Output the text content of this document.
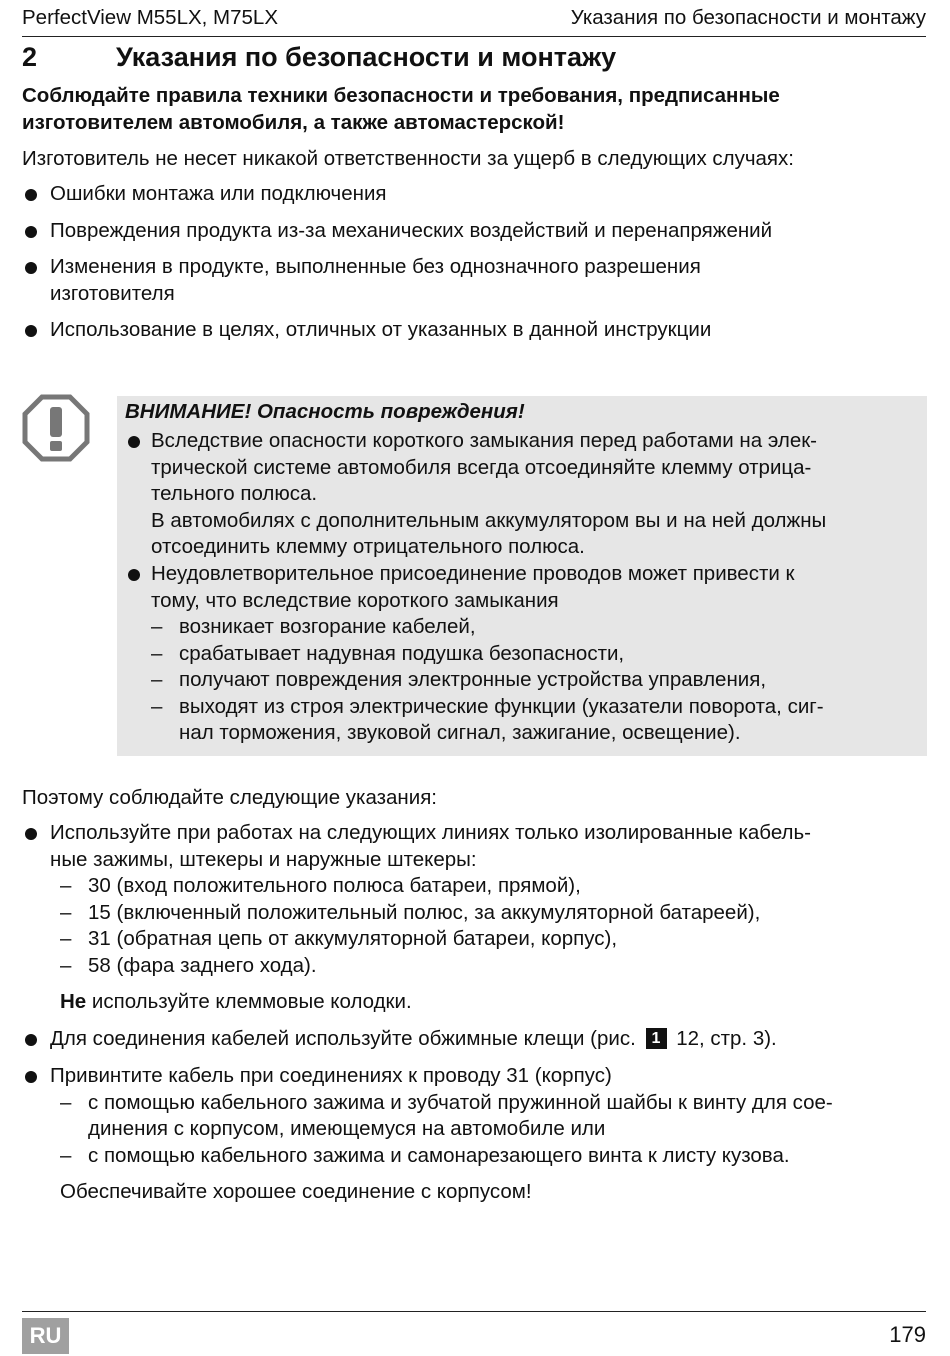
PerfectView M55LX, M75LX	Указания по безопасности и монтажу
2	Указания по безопасности и монтажу
Соблюдайте правила техники безопасности и требования, предписанные изготовителем автомобиля, а также автомастерской!
Изготовитель не несет никакой ответственности за ущерб в следующих случаях:
Ошибки монтажа или подключения
Повреждения продукта из-за механических воздействий и перенапряжений
Изменения в продукте, выполненные без однозначного разрешения изготовителя
Использование в целях, отличных от указанных в данной инструкции
ВНИМАНИЕ! Опасность повреждения!
Вследствие опасности короткого замыкания перед работами на элек-
трической системе автомобиля всегда отсоединяйте клемму отрица-
тельного полюса.
В автомобилях с дополнительным аккумулятором вы и на ней должны
отсоединить клемму отрицательного полюса.
Неудовлетворительное присоединение проводов может привести к
тому, что вследствие короткого замыкания
– возникает возгорание кабелей,
– срабатывает надувная подушка безопасности,
– получают повреждения электронные устройства управления,
– выходят из строя электрические функции (указатели поворота, сиг-
нал торможения, звуковой сигнал, зажигание, освещение).
Поэтому соблюдайте следующие указания:
Используйте при работах на следующих линиях только изолированные кабель-
ные зажимы, штекеры и наружные штекеры:
– 30 (вход положительного полюса батареи, прямой),
– 15 (включенный положительный полюс, за аккумуляторной батареей),
– 31 (обратная цепь от аккумуляторной батареи, корпус),
– 58 (фара заднего хода).
Не используйте клеммовые колодки.
Для соединения кабелей используйте обжимные клещи (рис. 1 12, стр. 3).
Привинтите кабель при соединениях к проводу 31 (корпус)
– с помощью кабельного зажима и зубчатой пружинной шайбы к винту для сое-
динения с корпусом, имеющемуся на автомобиле или
– с помощью кабельного зажима и самонарезающего винта к листу кузова.
Обеспечивайте хорошее соединение с корпусом!
RU	179
